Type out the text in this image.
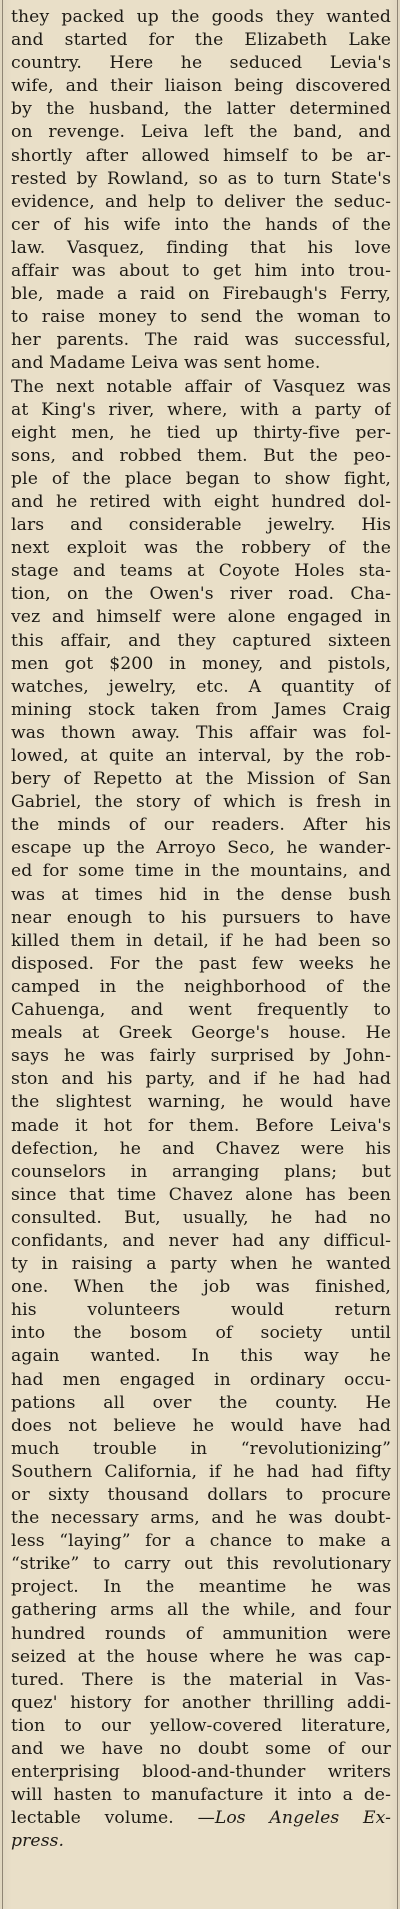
they packed up the goods they wanted
and started for the Elizabeth Lake
country. Here he seduced Levia's
wife, and their liaison being discovered
by the husband, the latter determined
on revenge. Leiva left the band, and
shortly after allowed himself to be ar-
rested by Rowland, so as to turn State's
evidence, and help to deliver the seduc-
cer of his wife into the hands of the
law. Vasquez, finding that his love
affair was about to get him into trou-
ble, made a raid on Firebaugh's Ferry,
to raise money to send the woman to
her parents. The raid was successful,
and Madame Leiva was sent home.
The next notable affair of Vasquez was
at King's river, where, with a party of
eight men, he tied up thirty-five per-
sons, and robbed them. But the peo-
ple of the place began to show fight,
and he retired with eight hundred dol-
lars and considerable jewelry. His
next exploit was the robbery of the
stage and teams at Coyote Holes sta-
tion, on the Owen's river road. Cha-
vez and himself were alone engaged in
this affair, and they captured sixteen
men got $200 in money, and pistols,
watches, jewelry, etc. A quantity of
mining stock taken from James Craig
was thown away. This affair was fol-
lowed, at quite an interval, by the rob-
bery of Repetto at the Mission of San
Gabriel, the story of which is fresh in
the minds of our readers. After his
escape up the Arroyo Seco, he wander-
ed for some time in the mountains, and
was at times hid in the dense bush
near enough to his pursuers to have
killed them in detail, if he had been so
disposed. For the past few weeks he
camped in the neighborhood of the
Cahuenga, and went frequently to
meals at Greek George's house. He
says he was fairly surprised by John-
ston and his party, and if he had had
the slightest warning, he would have
made it hot for them. Before Leiva's
defection, he and Chavez were his
counselors in arranging plans; but
since that time Chavez alone has been
consulted. But, usually, he had no
confidants, and never had any difficul-
ty in raising a party when he wanted
one. When the job was finished,
his volunteers would return
into the bosom of society until
again wanted. In this way he
had men engaged in ordinary occu-
pations all over the county. He
does not believe he would have had
much trouble in “revolutionizing”
Southern California, if he had had fifty
or sixty thousand dollars to procure
the necessary arms, and he was doubt-
less “laying” for a chance to make a
“strike” to carry out this revolutionary
project. In the meantime he was
gathering arms all the while, and four
hundred rounds of ammunition were
seized at the house where he was cap-
tured. There is the material in Vas-
quez' history for another thrilling addi-
tion to our yellow-covered literature,
and we have no doubt some of our
enterprising blood-and-thunder writers
will hasten to manufacture it into a de-
lectable volume. —Los Angeles Ex-
press.
